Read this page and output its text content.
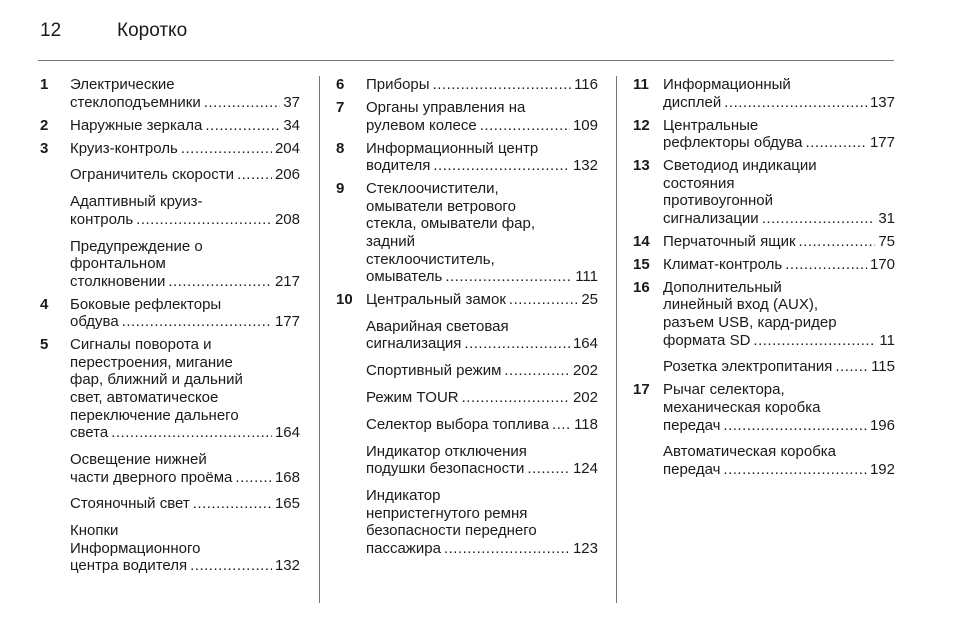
12	Коротко
1 Электрические
стеклоподъемники .....	37
2 Наружные зеркала .....	34
3 Круиз-контроль .....	204
Ограничитель скорости .....	206
Адаптивный круиз-
контроль .....	208
Предупреждение о
фронтальном
столкновении .....	217
4 Боковые рефлекторы
обдува .....	177
5 Сигналы поворота и
перестроения, мигание
фар, ближний и дальний
свет, автоматическое
переключение дальнего
света .....	164
Освещение нижней
части дверного проёма .....	168
Стояночный свет .....	165
Кнопки
Информационного
центра водителя .....	132
6 Приборы .....	116
7 Органы управления на
рулевом колесе .....	109
8 Информационный центр
водителя .....	132
9 Стеклоочистители,
омыватели ветрового
стекла, омыватели фар,
задний
стеклоочиститель,
омыватель .....	111
10 Центральный замок .....	25
Аварийная световая
сигнализация .....	164
Спортивный режим .....	202
Режим TOUR .....	202
Селектор выбора топлива ..... 118
Индикатор отключения
подушки безопасности .....	124
Индикатор
непристегнутого ремня
безопасности переднего
пассажира .....	123
11 Информационный
дисплей .....	137
12 Центральные
рефлекторы обдува .....	177
13 Светодиод индикации
состояния
противоугонной
сигнализации .....	31
14 Перчаточный ящик .....	75
15 Климат-контроль .....	170
16 Дополнительный
линейный вход (AUX),
разъем USB, кард-ридер
формата SD .....	11
Розетка электропитания .....	115
17 Рычаг селектора,
механическая коробка
передач .....	196
Автоматическая коробка
передач .....	192
